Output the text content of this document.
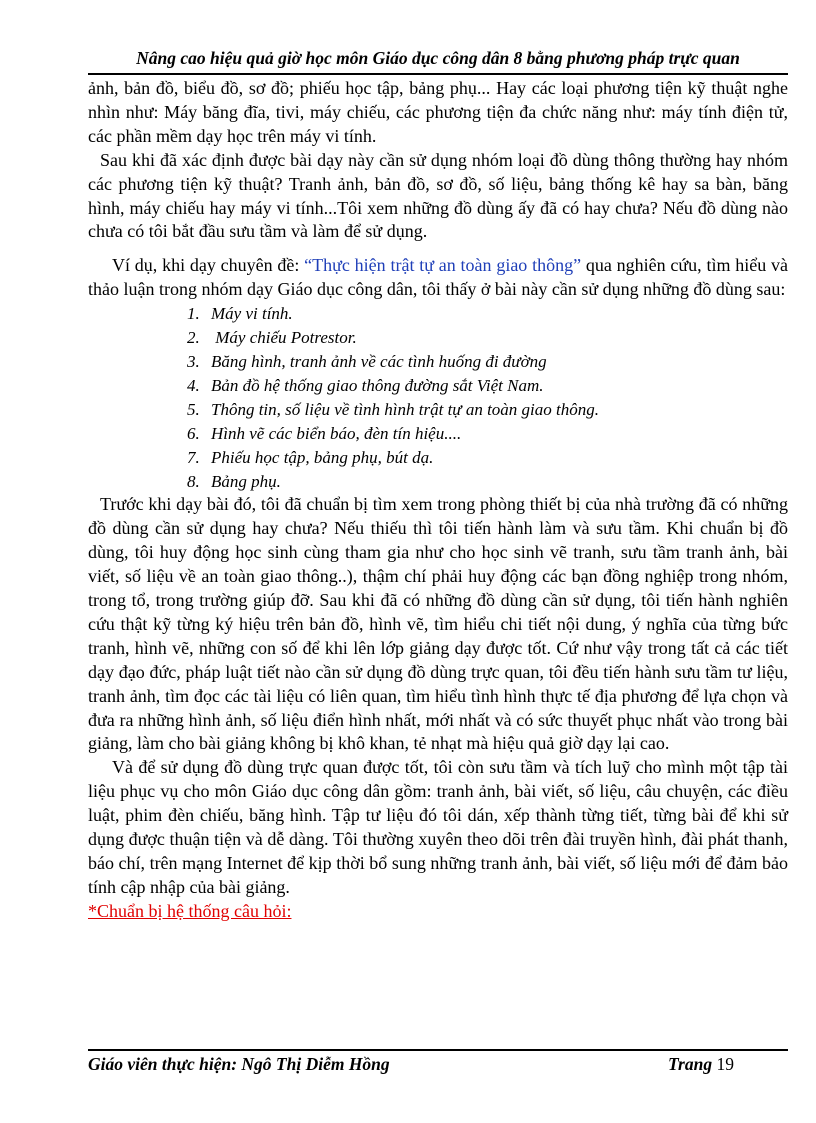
Nâng cao hiệu quả giờ học môn Giáo dục công dân 8 bằng phương pháp trực quan

ảnh, bản đồ, biểu đồ, sơ đồ; phiếu học tập, bảng phụ... Hay các loại phương tiện kỹ thuật nghe nhìn như: Máy băng đĩa, tivi, máy chiếu, các phương tiện đa chức năng như: máy tính điện tử, các phần mềm dạy học trên máy vi tính.

Sau khi đã xác định được bài dạy này cần sử dụng nhóm loại đồ dùng thông thường hay nhóm các phương tiện kỹ thuật? Tranh ảnh, bản đồ, sơ đồ, số liệu, bảng thống kê hay sa bàn, băng hình, máy chiếu hay máy vi tính...Tôi xem những đồ dùng ấy đã có hay chưa? Nếu đồ dùng nào chưa có tôi bắt đầu sưu tầm và làm để sử dụng.

Ví dụ, khi dạy chuyên đề: “Thực hiện trật tự an toàn giao thông” qua nghiên cứu, tìm hiểu và thảo luận trong nhóm dạy Giáo dục công dân, tôi thấy ở bài này cần sử dụng những đồ dùng sau:

1. Máy vi tính.
2. Máy chiếu Potrestor.
3. Băng hình, tranh ảnh về các tình huống đi đường
4. Bản đồ hệ thống giao thông đường sắt Việt Nam.
5. Thông tin, số liệu về tình hình trật tự an toàn giao thông.
6. Hình vẽ các biển báo, đèn tín hiệu....
7. Phiếu học tập, bảng phụ, bút dạ.
8. Bảng phụ.

Trước khi dạy bài đó, tôi đã chuẩn bị tìm xem trong phòng thiết bị của nhà trường đã có những đồ dùng cần sử dụng hay chưa? Nếu thiếu thì tôi tiến hành làm và sưu tầm. Khi chuẩn bị đồ dùng, tôi huy động học sinh cùng tham gia như cho học sinh vẽ tranh, sưu tầm tranh ảnh, bài viết, số liệu về an toàn giao thông..), thậm chí phải huy động các bạn đồng nghiệp trong nhóm, trong tổ, trong trường giúp đỡ. Sau khi đã có những đồ dùng cần sử dụng, tôi tiến hành nghiên cứu thật kỹ từng ký hiệu trên bản đồ, hình vẽ, tìm hiểu chi tiết nội dung, ý nghĩa của từng bức tranh, hình vẽ, những con số để khi lên lớp giảng dạy được tốt. Cứ như vậy trong tất cả các tiết dạy đạo đức, pháp luật tiết nào cần sử dụng đồ dùng trực quan, tôi đều tiến hành sưu tầm tư liệu, tranh ảnh, tìm đọc các tài liệu có liên quan, tìm hiểu tình hình thực tế địa phương để lựa chọn và đưa ra những hình ảnh, số liệu điển hình nhất, mới nhất và có sức thuyết phục nhất vào trong bài giảng, làm cho bài giảng không bị khô khan, tẻ nhạt mà hiệu quả giờ dạy lại cao.

Và để sử dụng đồ dùng trực quan được tốt, tôi còn sưu tầm và tích luỹ cho mình một tập tài liệu phục vụ cho môn Giáo dục công dân gồm: tranh ảnh, bài viết, số liệu, câu chuyện, các điều luật, phim đèn chiếu, băng hình. Tập tư liệu đó tôi dán, xếp thành từng tiết, từng bài để khi sử dụng được thuận tiện và dễ dàng. Tôi thường xuyên theo dõi trên đài truyền hình, đài phát thanh, báo chí, trên mạng Internet để kịp thời bổ sung những tranh ảnh, bài viết, số liệu mới để đảm bảo tính cập nhập của bài giảng.

*Chuẩn bị hệ thống câu hỏi:

Giáo viên thực hiện: Ngô Thị Diễm Hồng	Trang 19
